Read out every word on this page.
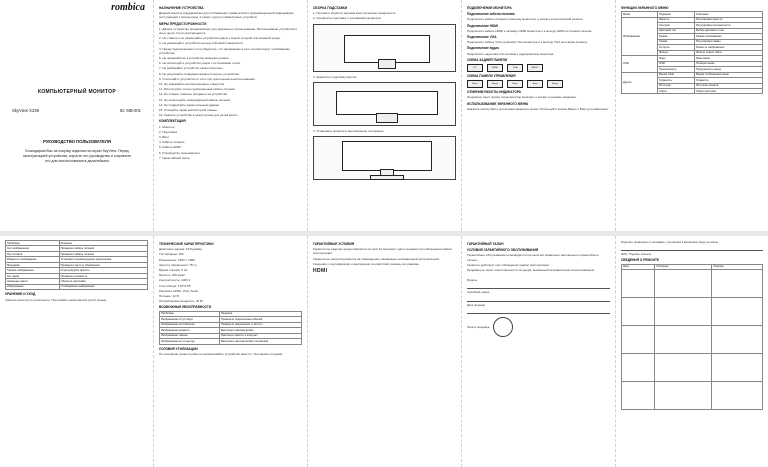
rombica
КОМПЬЮТЕРНЫЙ МОНИТОР
SkyView X238	ID: MB-001
РУКОВОДСТВО ПОЛЬЗОВАТЕЛЯ
Благодарим Вас за покупку изделия на серии SkyView. Перед эксплуатацией устройства, изучите это руководство и сохраните его для использования в дальнейшем
НАЗНАЧЕНИЕ УСТРОЙСТВА
Данный монитор предназначен для отображения графической и информационной информации, поступающей с компьютера, а также с других совместимых устройств.
МЕРЫ ПРЕДОСТОРОЖНОСТИ
1. Данное устройство предназначено для домашнего использования. Использование устройства в иных целях строго воспрещается.
2. Не ставьте и не размещайте устройство рядом с водой, в сырой или влажной среде.
3. Не размещайте устройство на неустойчивой поверхности.
4. Перед подключением к сети убедитесь, что напряжение в сети соответствует требованиям устройства.
5. Не прикасайтесь к устройству мокрыми руками.
6. Не используйте устройство рядом с источниками тепла.
7. Не разбирайте устройство самостоятельно.
8. Не допускайте попадания жидкости внутрь устройства.
9. Отключайте устройство от сети при длительном неиспользовании.
10. Не закрывайте вентиляционные отверстия.
11. Используйте только оригинальный кабель питания.
12. Не ставьте тяжелые предметы на устройство.
13. Не используйте повреждённый кабель питания.
14. Не подвергайте экран сильным ударам.
15. Очищайте экран мягкой сухой тканью.
16. Храните устройство в недоступном для детей месте.
КОМПЛЕКТАЦИЯ
1. Монитор
2. Подставка
3. Винт
4. Кабель питания
5. Кабель HDMI
6. Руководство пользователя
7. Гарантийный талон
СБОРКА ПОДСТАВКИ
1. Положите монитор экраном вниз на мягкую поверхность.
2. Соедините подставку с основанием монитора.
3. Закрепите подставку винтом.
4. Установите монитор в вертикальное положение.
ПОДКЛЮЧЕНИЕ МОНИТОРА
Подключение кабеля питания
Подключите кабель питания к разъёму монитора, а затем к электрической розетке.
Подключение HDMI
Подключите кабель HDMI к разъёму HDMI монитора и к выходу HDMI источника сигнала.
Подключение VGA
Подключите кабель VGA к разъёму VGA монитора и к выходу VGA источника сигнала.
Подключение аудио
Подключите наушники или колонки к аудиоразъёму монитора.
СХЕМА ЗАДНЕЙ ПАНЕЛИ
DC	HDMI	VGA	AUDIO
СХЕМА ПАНЕЛИ УПРАВЛЕНИЯ
Menu	Вверх	Вниз	Auto	Power
ОТМЕНИМ РАБОТЫ ИНДИКАТОРА
Индикатор горит синим, когда монитор включён, и мигает в режиме ожидания.
ИСПОЛЬЗОВАНИЕ ЭКРАННОГО МЕНЮ
Нажмите кнопку Menu для вызова экранного меню. Используйте кнопки Вверх и Вниз для навигации.
ФУНКЦИИ ЭКРАННОГО МЕНЮ
Меню	Подменю	Описание
Изображение	Яркость	Регулировка яркости
	Контраст	Регулировка контрастности
	Цветовой тон	Выбор цветового тона
	Режим	Режим изображения
	Гамма	Регулировка гаммы
	Острота	Резкость изображения
	Фильтр	Фильтр синего света
OSD	Язык	Язык меню
	OSD	Позиция меню
	Прозрачность	Прозрачность меню
Другое	Время OSD	Время отображения меню
	Громкость	Громкость
	Источник	Источник сигнала
	Сброс	Сброс настроек
Проблема	Решение
Нет изображения	Проверьте кабель питания
Нет сигнала	Проверьте кабель сигнала
Размытое изображение	Установите рекомендуемое разрешение
Мерцание	Проверьте частоту обновления
Тёмное изображение	Отрегулируйте яркость
Нет звука	Проверьте громкость
Неверные цвета	Сбросьте настройки
Информация	Отображение информации
ХРАНЕНИЕ И УХОД
Храните монитор в сухом месте. Протирайте экран мягкой сухой тканью.
ТЕХНИЧЕСКИЕ ХАРАКТЕРИСТИКИ
Диагональ экрана: 23,8 дюйма
Тип матрицы: IPS
Разрешение: 1920 × 1080
Частота обновления: 75 Гц
Время отклика: 5 мс
Яркость: 250 кд/м²
Контрастность: 1000:1
Углы обзора: 178°/178°
Разъёмы: HDMI, VGA, Audio
Питание: 12 В
Потребляемая мощность: 30 Вт
ВОЗМОЖНЫЕ НЕИСПРАВНОСТИ
Проблема	Решение
Изображение отсутствует	Проверьте подключение кабелей
Изображение нестабильно	Проверьте разрешение и частоту
Изображение размыто	Выполните автонастройку
Изображение тёмное	Увеличьте яркость и контраст
Изображение не по центру	Выполните автонастройку положения
УСЛОВИЯ УТИЛИЗАЦИИ
По окончании срока службы не выбрасывайте устройство вместе с бытовыми отходами.
ГАРАНТИЙНЫЕ УСЛОВИЯ
Гарантия на изделие предоставляется на срок 12 месяцев с даты продажи при соблюдении правил эксплуатации.
Гарантия не распространяется на повреждения, вызванные неправильной эксплуатацией.
Сведения о сертификации и декларации соответствия указаны на упаковке.
HDMI
ГАРАНТИЙНЫЙ ТАЛОН
УСЛОВИЯ ГАРАНТИЙНОГО ОБСЛУЖИВАНИЯ
Гарантийное обслуживание производится при наличии правильно заполненного гарантийного талона.
Гарантия действует при соблюдении правил эксплуатации.
Продавец не несёт ответственности за ущерб, вызванный неправильным использованием.
Модель
Серийный номер
Дата продажи
Печать продавца
Изделие проверено и исправно, претензий к внешнему виду не имею.
ФИО, Подпись клиента
СВЕДЕНИЯ О РЕМОНТЕ
Дата	Описание	Подпись
